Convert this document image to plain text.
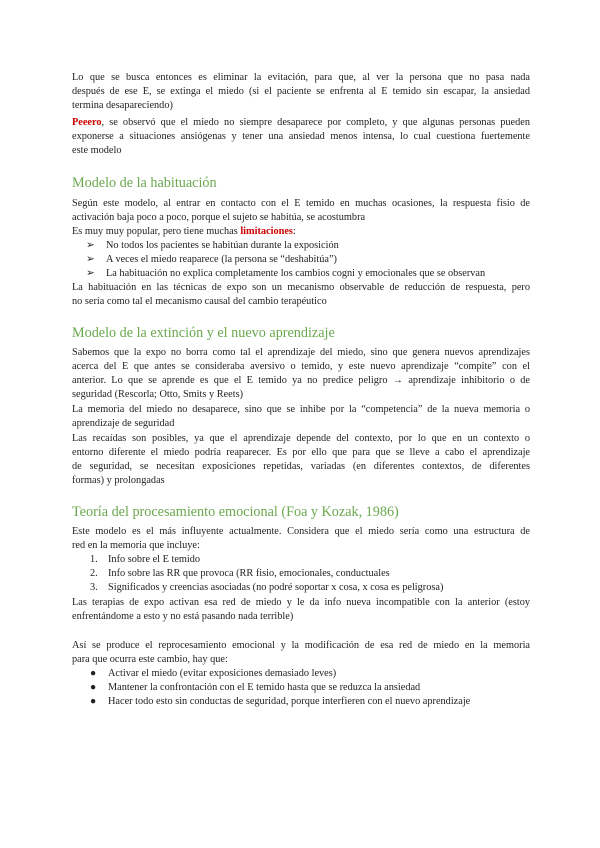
Lo que se busca entonces es eliminar la evitación, para que, al ver la persona que no pasa nada
después de ese E, se extinga el miedo (si el paciente se enfrenta al E temido sin escapar, la ansiedad
termina desapareciendo)
Peeero, se observó que el miedo no siempre desaparece por completo, y que algunas personas pueden
exponerse a situaciones ansiógenas y tener una ansiedad menos intensa, lo cual cuestiona fuertemente
este modelo
Modelo de la habituación
Según este modelo, al entrar en contacto con el E temido en muchas ocasiones, la respuesta fisio de
activación baja poco a poco, porque el sujeto se habitúa, se acostumbra
Es muy muy popular, pero tiene muchas limitaciones:
➢ No todos los pacientes se habitúan durante la exposición
➢ A veces el miedo reaparece (la persona se “deshabitúa”)
➢ La habituación no explica completamente los cambios cogni y emocionales que se observan
La habituación en las técnicas de expo son un mecanismo observable de reducción de respuesta, pero
no sería como tal el mecanismo causal del cambio terapéutico
Modelo de la extinción y el nuevo aprendizaje
Sabemos que la expo no borra como tal el aprendizaje del miedo, sino que genera nuevos aprendizajes
acerca del E que antes se consideraba aversivo o temido, y este nuevo aprendizaje “compite” con el
anterior. Lo que se aprende es que el E temido ya no predice peligro → aprendizaje inhibitorio o de
seguridad (Rescorla; Otto, Smits y Reets)
La memoria del miedo no desaparece, sino que se inhibe por la “competencia” de la nueva memoria o
aprendizaje de seguridad
Las recaídas son posibles, ya que el aprendizaje depende del contexto, por lo que en un contexto o
entorno diferente el miedo podría reaparecer. Es por ello que para que se lleve a cabo el aprendizaje
de seguridad, se necesitan exposiciones repetidas, variadas (en diferentes contextos, de diferentes
formas) y prolongadas
Teoría del procesamiento emocional (Foa y Kozak, 1986)
Este modelo es el más influyente actualmente. Considera que el miedo sería como una estructura de
red en la memoria que incluye:
1. Info sobre el E temido
2. Info sobre las RR que provoca (RR fisio, emocionales, conductuales
3. Significados y creencias asociadas (no podré soportar x cosa, x cosa es peligrosa)
Las terapias de expo activan esa red de miedo y le da info nueva incompatible con la anterior (estoy
enfrentándome a esto y no está pasando nada terrible)
Así se produce el reprocesamiento emocional y la modificación de esa red de miedo en la memoria
para que ocurra este cambio, hay que:
● Activar el miedo (evitar exposiciones demasiado leves)
● Mantener la confrontación con el E temido hasta que se reduzca la ansiedad
● Hacer todo esto sin conductas de seguridad, porque interfieren con el nuevo aprendizaje
